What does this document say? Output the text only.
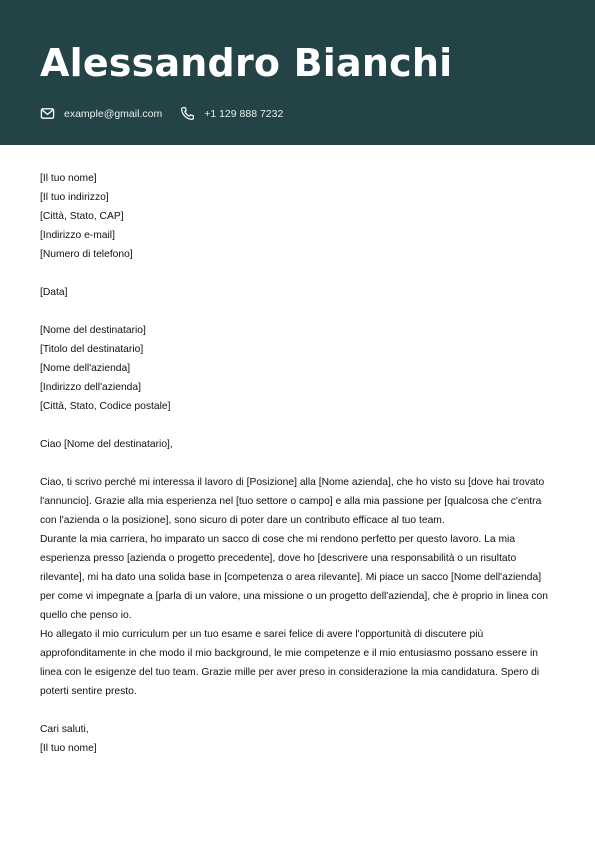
Alessandro Bianchi
example@gmail.com	+1 129 888 7232
[Il tuo nome]
[Il tuo indirizzo]
[Città, Stato, CAP]
[Indirizzo e-mail]
[Numero di telefono]
[Data]
[Nome del destinatario]
[Titolo del destinatario]
[Nome dell'azienda]
[Indirizzo dell'azienda]
[Città, Stato, Codice postale]
Ciao [Nome del destinatario],

Ciao, ti scrivo perché mi interessa il lavoro di [Posizione] alla [Nome azienda], che ho visto su [dove hai trovato l'annuncio]. Grazie alla mia esperienza nel [tuo settore o campo] e alla mia passione per [qualcosa che c'entra con l'azienda o la posizione], sono sicuro di poter dare un contributo efficace al tuo team.

Durante la mia carriera, ho imparato un sacco di cose che mi rendono perfetto per questo lavoro. La mia esperienza presso [azienda o progetto precedente], dove ho [descrivere una responsabilità o un risultato rilevante], mi ha dato una solida base in [competenza o area rilevante]. Mi piace un sacco [Nome dell'azienda] per come vi impegnate a [parla di un valore, una missione o un progetto dell'azienda], che è proprio in linea con quello che penso io.

Ho allegato il mio curriculum per un tuo esame e sarei felice di avere l'opportunità di discutere più approfonditamente in che modo il mio background, le mie competenze e il mio entusiasmo possano essere in linea con le esigenze del tuo team. Grazie mille per aver preso in considerazione la mia candidatura. Spero di poterti sentire presto.

Cari saluti,
[Il tuo nome]
